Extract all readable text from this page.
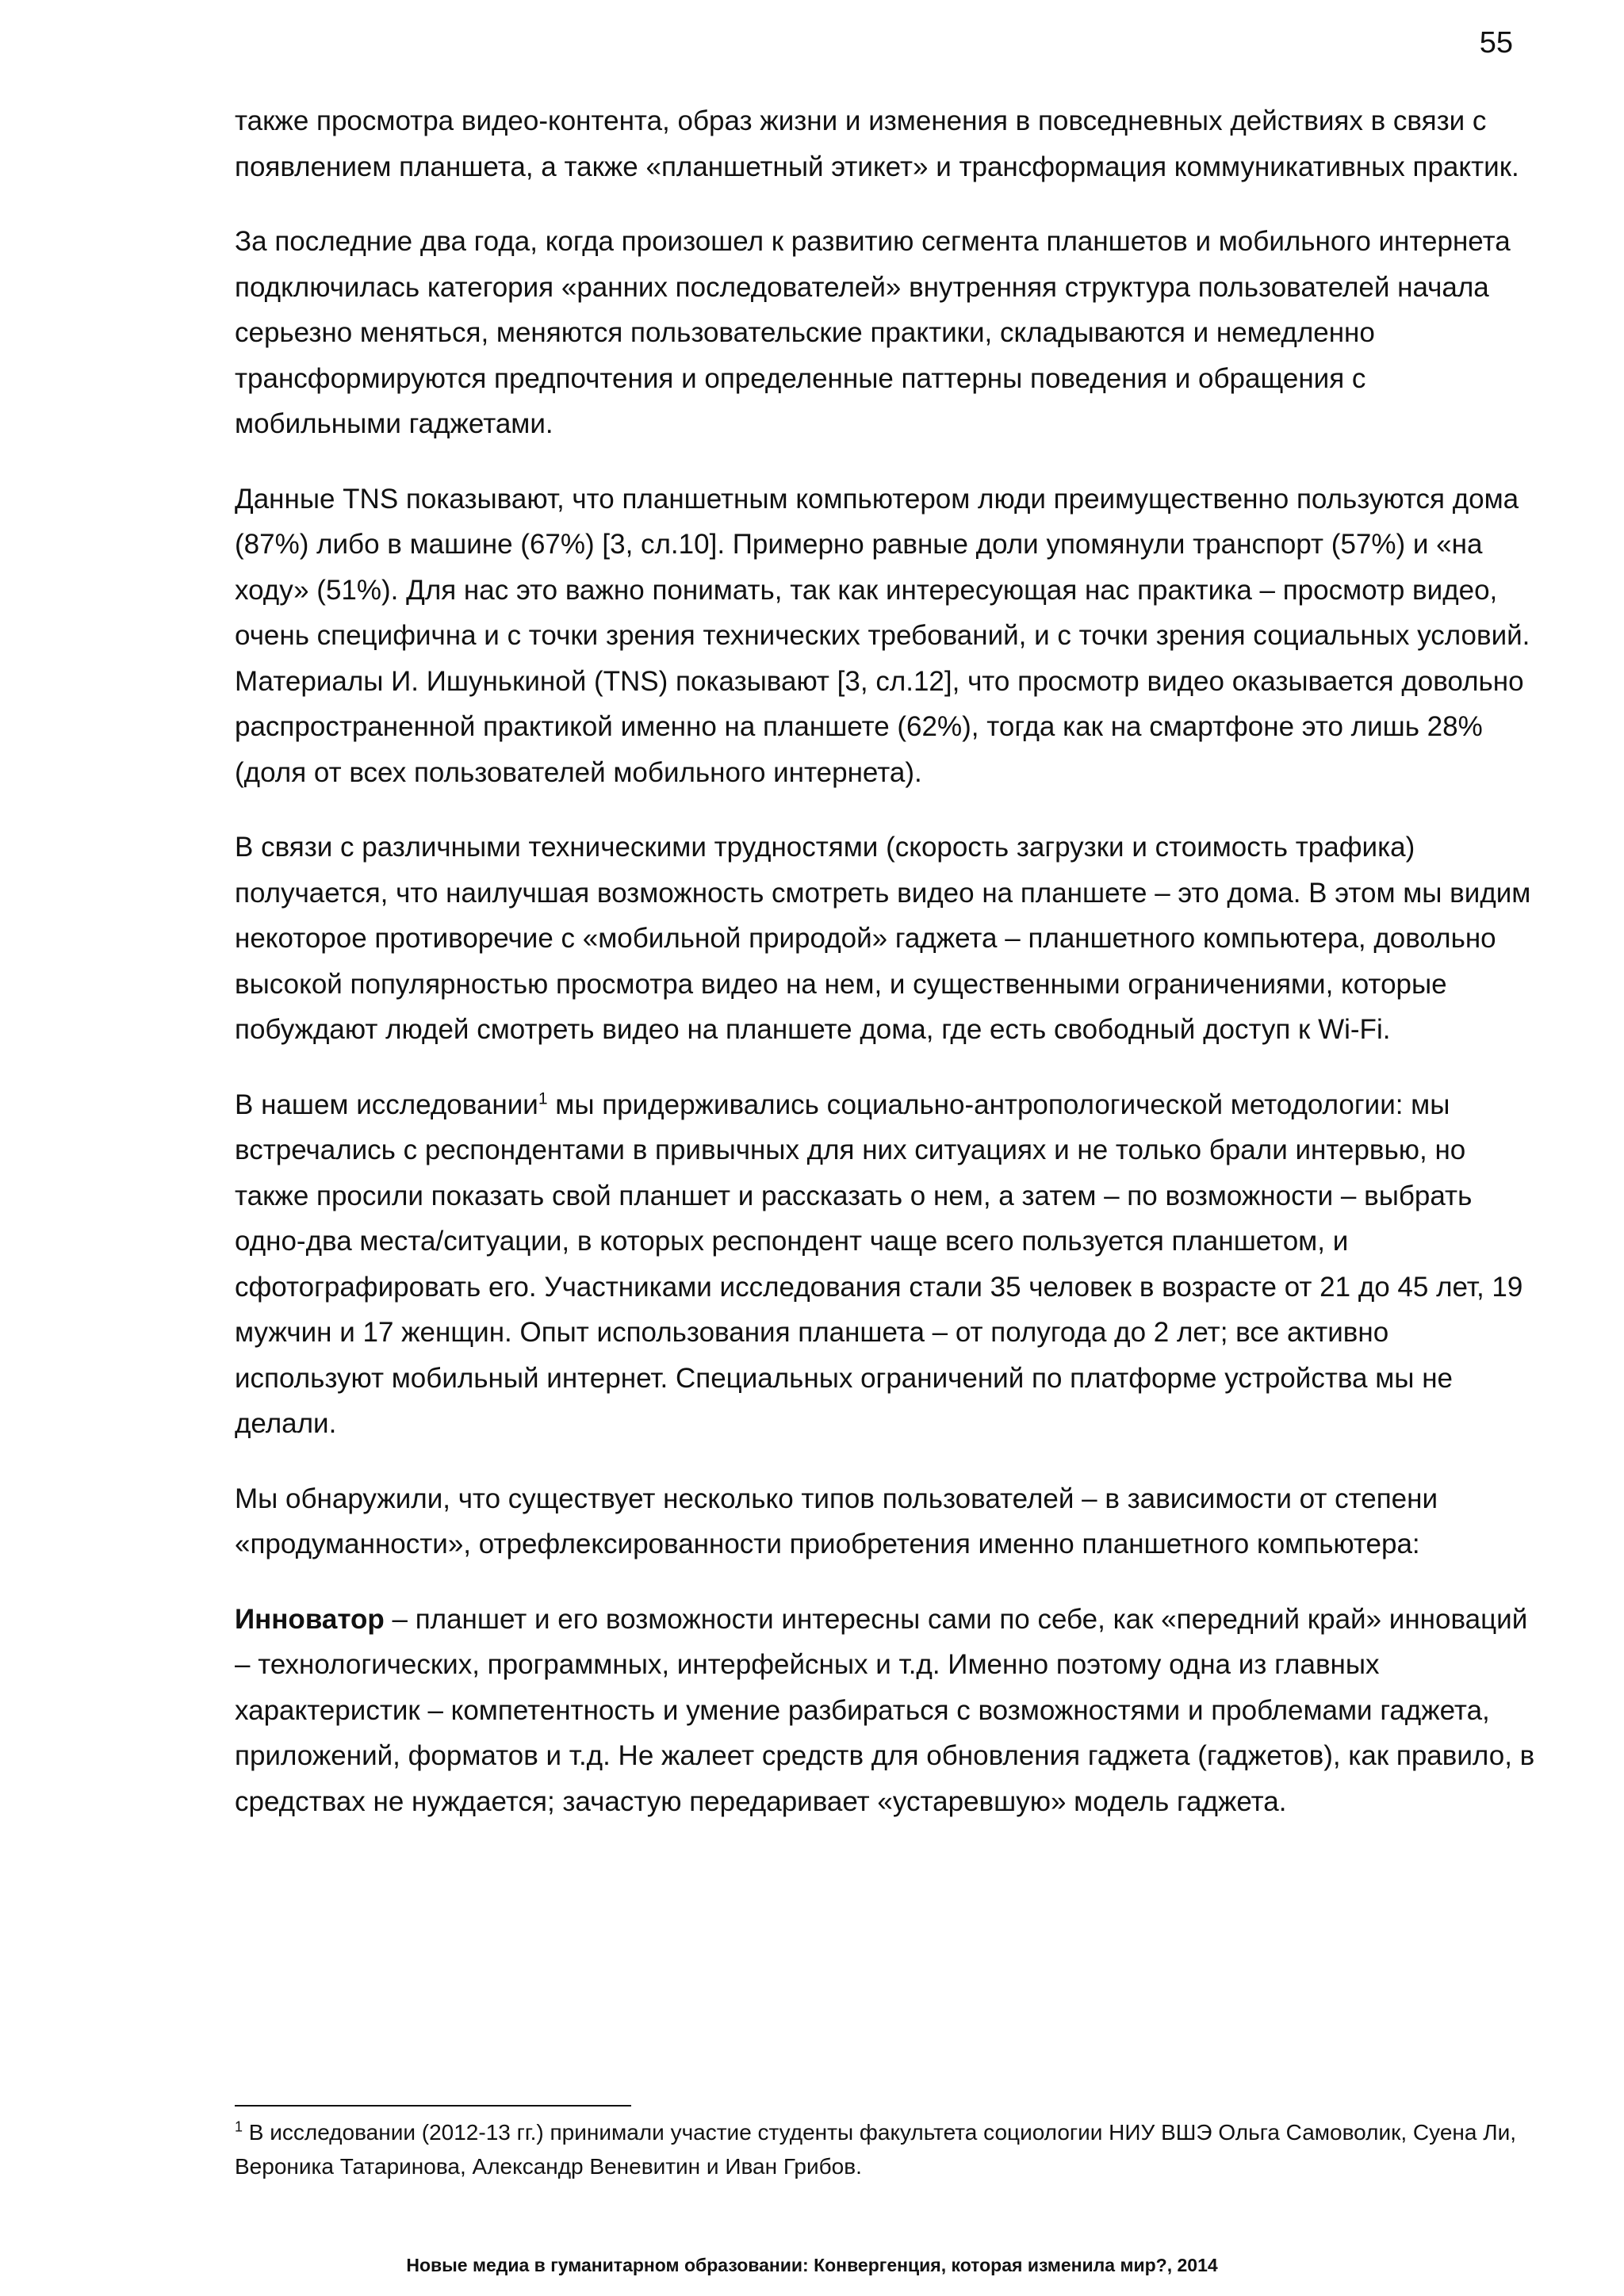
55

также просмотра видео-контента, образ жизни и изменения в повседневных действиях в связи с появлением планшета, а также «планшетный этикет» и трансформация коммуникативных практик.

За последние два года, когда произошел к развитию сегмента планшетов и мобильного интернета подключилась категория «ранних последователей» внутренняя структура пользователей начала серьезно меняться, меняются пользовательские практики, складываются и немедленно трансформируются предпочтения и определенные паттерны поведения и обращения с мобильными гаджетами.

Данные TNS показывают, что планшетным компьютером люди преимущественно пользуются дома (87%) либо в машине (67%) [3, сл.10]. Примерно равные доли упомянули транспорт (57%) и «на ходу» (51%). Для нас это важно понимать, так как интересующая нас практика – просмотр видео, очень специфична и с точки зрения технических требований, и с точки зрения социальных условий. Материалы И. Ишунькиной (TNS) показывают [3, сл.12], что просмотр видео оказывается довольно распространенной практикой именно на планшете (62%), тогда как на смартфоне это лишь 28% (доля от всех пользователей мобильного интернета).

В связи с различными техническими трудностями (скорость загрузки и стоимость трафика) получается, что наилучшая возможность смотреть видео на планшете – это дома. В этом мы видим некоторое противоречие с «мобильной природой» гаджета – планшетного компьютера, довольно высокой популярностью просмотра видео на нем, и существенными ограничениями, которые побуждают людей смотреть видео на планшете дома, где есть свободный доступ к Wi-Fi.

В нашем исследовании$^1$ мы придерживались социально-антропологической методологии: мы встречались с респондентами в привычных для них ситуациях и не только брали интервью, но также просили показать свой планшет и рассказать о нем, а затем – по возможности – выбрать одно-два места/ситуации, в которых респондент чаще всего пользуется планшетом, и сфотографировать его. Участниками исследования стали 35 человек в возрасте от 21 до 45 лет, 19 мужчин и 17 женщин. Опыт использования планшета – от полугода до 2 лет; все активно используют мобильный интернет. Специальных ограничений по платформе устройства мы не делали.

Мы обнаружили, что существует несколько типов пользователей – в зависимости от степени «продуманности», отрефлексированности приобретения именно планшетного компьютера:

Инноватор – планшет и его возможности интересны сами по себе, как «передний край» инноваций – технологических, программных, интерфейсных и т.д. Именно поэтому одна из главных характеристик – компетентность и умение разбираться с возможностями и проблемами гаджета, приложений, форматов и т.д. Не жалеет средств для обновления гаджета (гаджетов), как правило, в средствах не нуждается; зачастую передаривает «устаревшую» модель гаджета.

$^1$ В исследовании (2012-13 гг.) принимали участие студенты факультета социологии НИУ ВШЭ Ольга Самоволик, Суена Ли, Вероника Татаринова, Александр Веневитин и Иван Грибов.
Новые медиа в гуманитарном образовании: Конвергенция, которая изменила мир?, 2014
